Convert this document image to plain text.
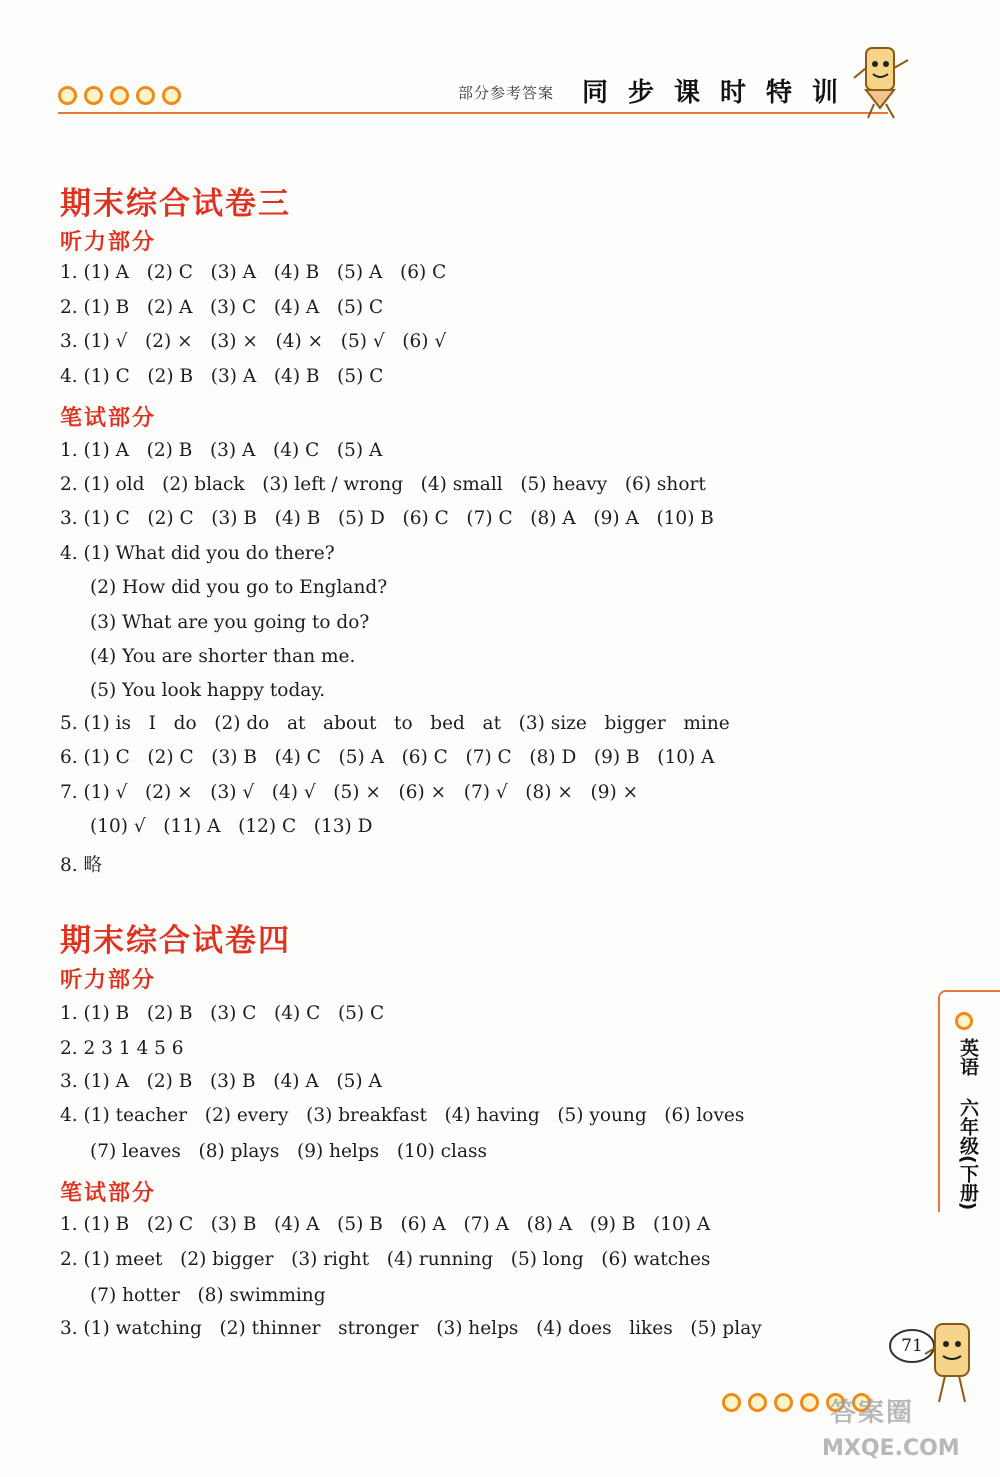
部分参考答案 同步课时特训
期末综合试卷三
听力部分
1. (1) A   (2) C   (3) A   (4) B   (5) A   (6) C
2. (1) B   (2) A   (3) C   (4) A   (5) C
3. (1) √   (2) ×   (3) ×   (4) ×   (5) √   (6) √
4. (1) C   (2) B   (3) A   (4) B   (5) C
笔试部分
1. (1) A   (2) B   (3) A   (4) C   (5) A
2. (1) old   (2) black   (3) left / wrong   (4) small   (5) heavy   (6) short
3. (1) C   (2) C   (3) B   (4) B   (5) D   (6) C   (7) C   (8) A   (9) A   (10) B
4. (1) What did you do there?
(2) How did you go to England?
(3) What are you going to do?
(4) You are shorter than me.
(5) You look happy today.
5. (1) is   I   do   (2) do   at   about   to   bed   at   (3) size   bigger   mine
6. (1) C   (2) C   (3) B   (4) C   (5) A   (6) C   (7) C   (8) D   (9) B   (10) A
7. (1) √   (2) ×   (3) √   (4) √   (5) ×   (6) ×   (7) √   (8) ×   (9) ×
(10) √   (11) A   (12) C   (13) D
8. 略
期末综合试卷四
听力部分
1. (1) B   (2) B   (3) C   (4) C   (5) C
2. 2 3 1 4 5 6
3. (1) A   (2) B   (3) B   (4) A   (5) A
4. (1) teacher   (2) every   (3) breakfast   (4) having   (5) young   (6) loves
(7) leaves   (8) plays   (9) helps   (10) class
笔试部分
1. (1) B   (2) C   (3) B   (4) A   (5) B   (6) A   (7) A   (8) A   (9) B   (10) A
2. (1) meet   (2) bigger   (3) right   (4) running   (5) long   (6) watches
(7) hotter   (8) swimming
3. (1) watching   (2) thinner   stronger   (3) helps   (4) does   likes   (5) play
英语
六年级(下册)
71
答案圈
MXQE.COM
